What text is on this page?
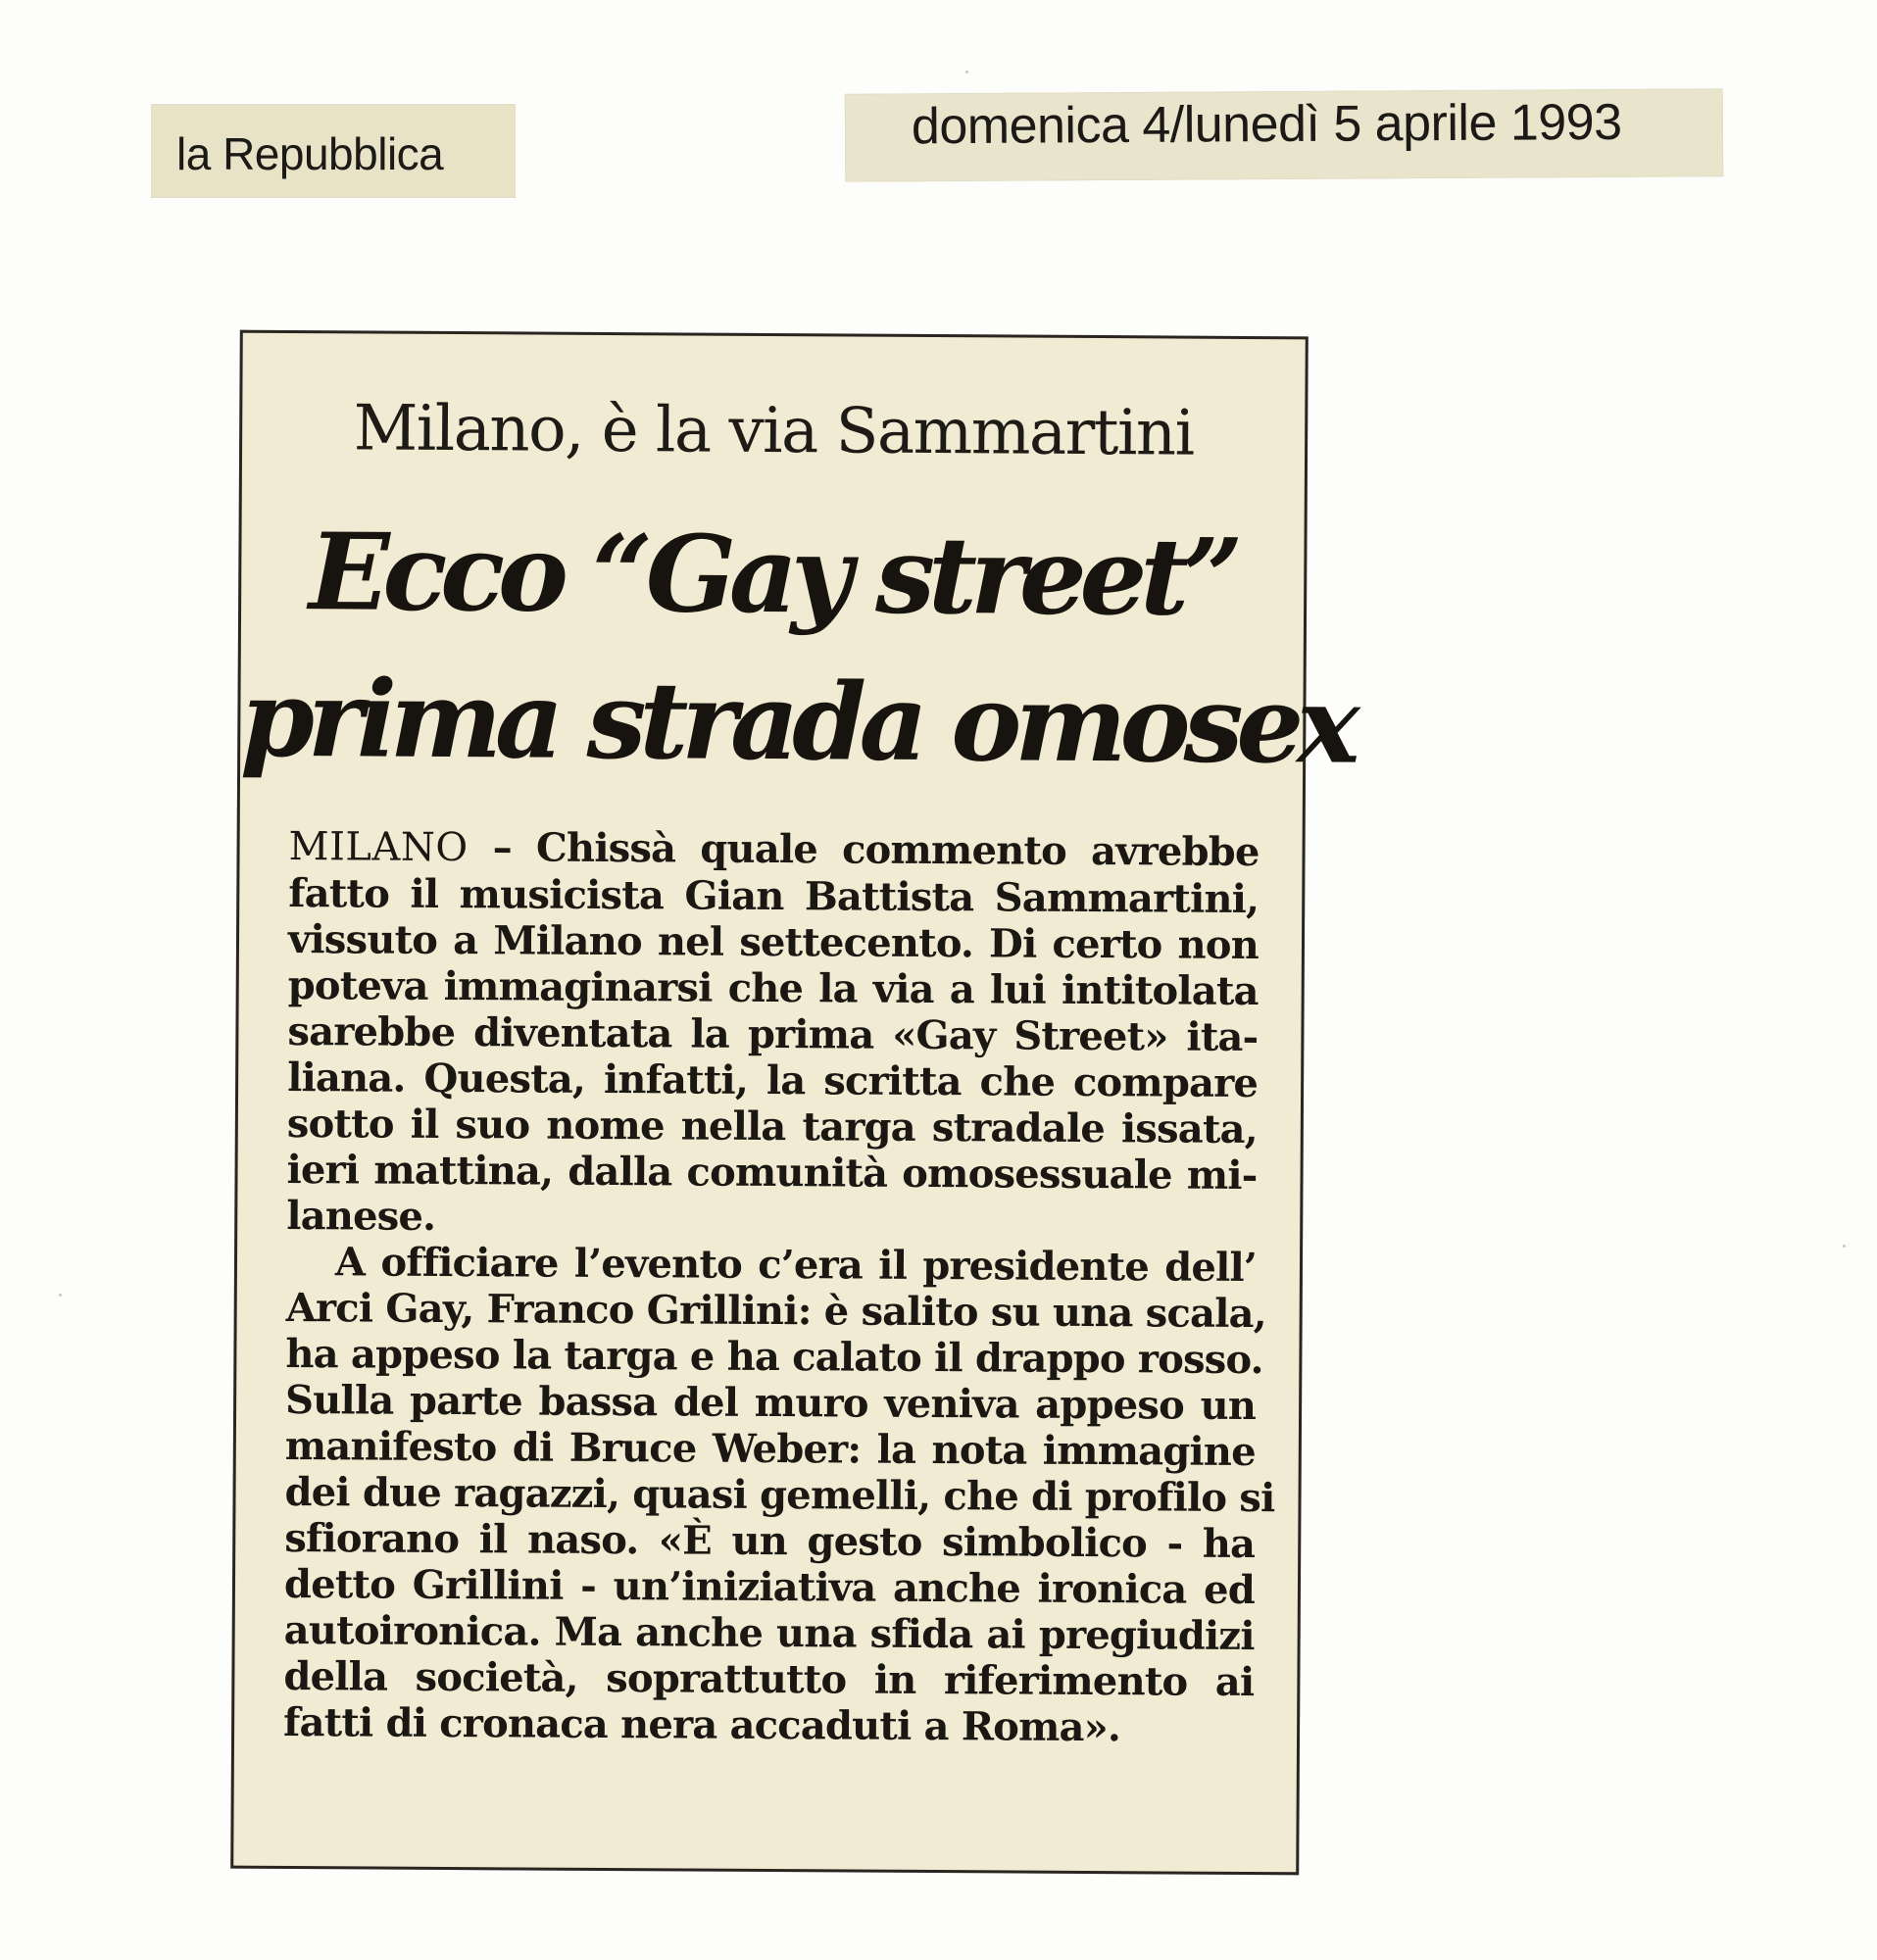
la Repubblica	domenica 4/lunedì 5 aprile 1993
Milano, è la via Sammartini
Ecco “Gay street”
prima strada omosex
MILANO – Chissà quale commento avrebbe
fatto il musicista Gian Battista Sammartini,
vissuto a Milano nel settecento. Di certo non
poteva immaginarsi che la via a lui intitolata
sarebbe diventata la prima «Gay Street» ita-
liana. Questa, infatti, la scritta che compare
sotto il suo nome nella targa stradale issata,
ieri mattina, dalla comunità omosessuale mi-
lanese.
A officiare l’evento c’era il presidente dell’
Arci Gay, Franco Grillini: è salito su una scala,
ha appeso la targa e ha calato il drappo rosso.
Sulla parte bassa del muro veniva appeso un
manifesto di Bruce Weber: la nota immagine
dei due ragazzi, quasi gemelli, che di profilo si
sfiorano il naso. «È un gesto simbolico - ha
detto Grillini - un’iniziativa anche ironica ed
autoironica. Ma anche una sfida ai pregiudizi
della società, soprattutto in riferimento ai
fatti di cronaca nera accaduti a Roma».
